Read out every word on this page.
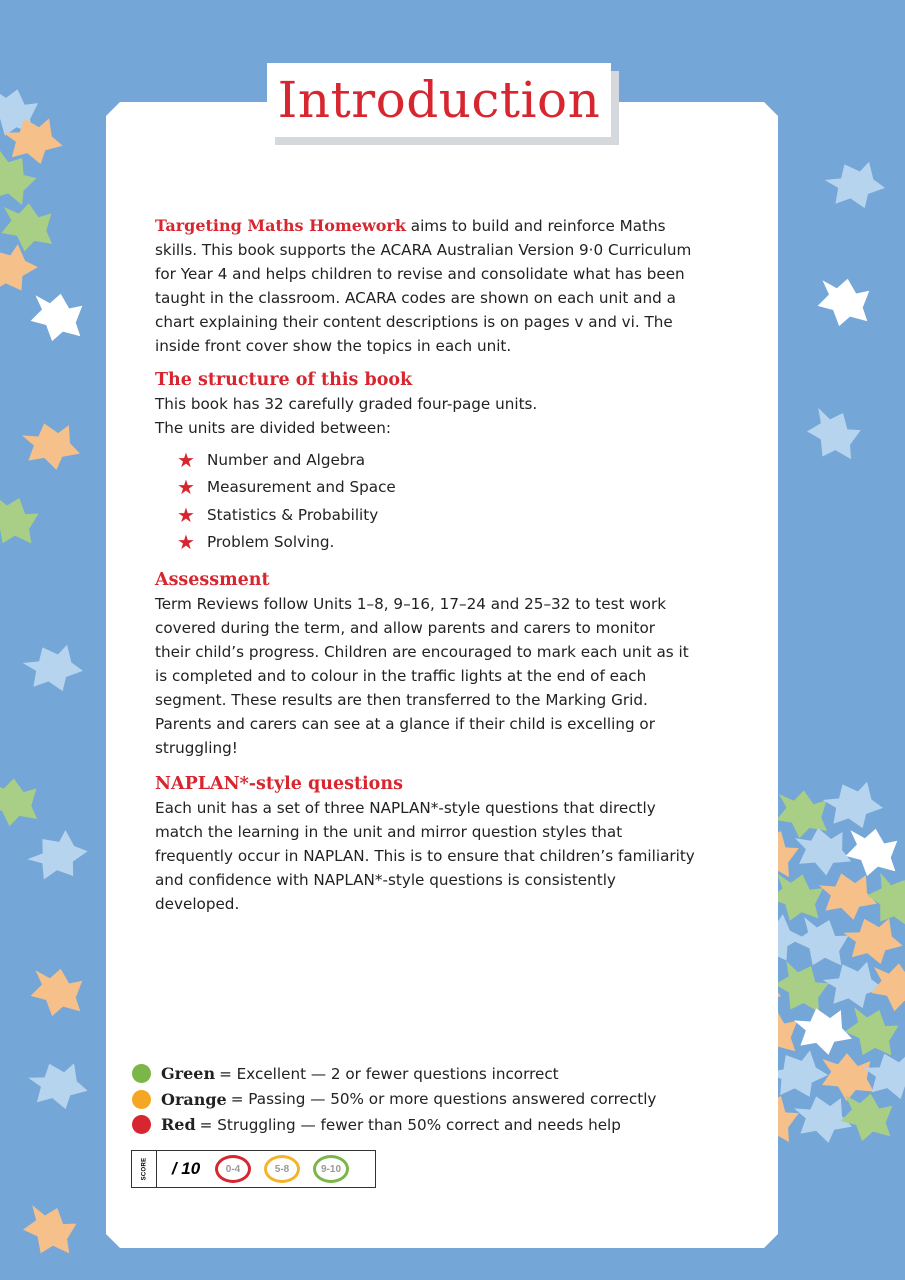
Introduction

Targeting Maths Homework aims to build and reinforce Maths skills. This book supports the ACARA Australian Version 9·0 Curriculum for Year 4 and helps children to revise and consolidate what has been taught in the classroom. ACARA codes are shown on each unit and a chart explaining their content descriptions is on pages v and vi. The inside front cover show the topics in each unit.

The structure of this book

This book has 32 carefully graded four-page units.

The units are divided between:

★ Number and Algebra
★ Measurement and Space
★ Statistics & Probability
★ Problem Solving.
Assessment

Term Reviews follow Units 1–8, 9–16, 17–24 and 25–32 to test work covered during the term, and allow parents and carers to monitor their child’s progress. Children are encouraged to mark each unit as it is completed and to colour in the traffic lights at the end of each segment. These results are then transferred to the Marking Grid. Parents and carers can see at a glance if their child is excelling or struggling!

NAPLAN*-style questions

Each unit has a set of three NAPLAN*-style questions that directly match the learning in the unit and mirror question styles that frequently occur in NAPLAN. This is to ensure that children’s familiarity and confidence with NAPLAN*-style questions is consistently developed.

Green = Excellent — 2 or fewer questions incorrect
Orange = Passing — 50% or more questions answered correctly
Red = Struggling — fewer than 50% correct and needs help
SCORE	/ 10	0-4	5-8	9-10
